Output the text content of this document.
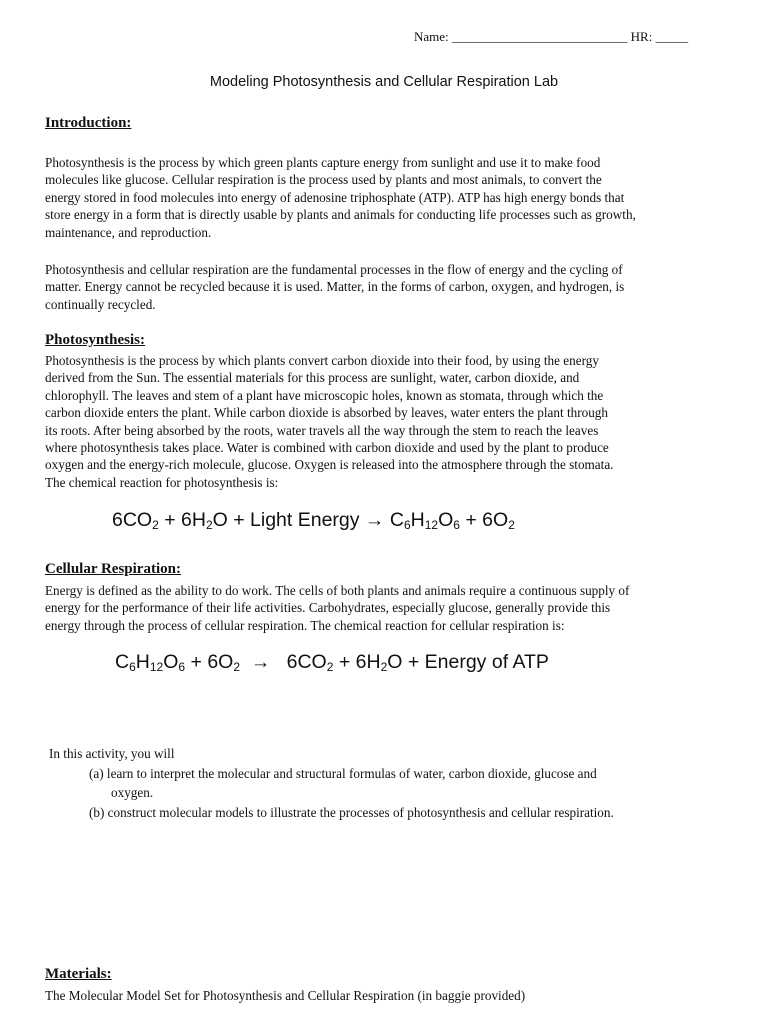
Name: ___________________________ HR: _____
Modeling Photosynthesis and Cellular Respiration Lab
Introduction:
Photosynthesis is the process by which green plants capture energy from sunlight and use it to make food
molecules like glucose. Cellular respiration is the process used by plants and most animals, to convert the
energy stored in food molecules into energy of adenosine triphosphate (ATP). ATP has high energy bonds that
store energy in a form that is directly usable by plants and animals for conducting life processes such as growth,
maintenance, and reproduction.
Photosynthesis and cellular respiration are the fundamental processes in the flow of energy and the cycling of
matter. Energy cannot be recycled because it is used. Matter, in the forms of carbon, oxygen, and hydrogen, is
continually recycled.
Photosynthesis:
Photosynthesis is the process by which plants convert carbon dioxide into their food, by using the energy
derived from the Sun. The essential materials for this process are sunlight, water, carbon dioxide, and
chlorophyll. The leaves and stem of a plant have microscopic holes, known as stomata, through which the
carbon dioxide enters the plant. While carbon dioxide is absorbed by leaves, water enters the plant through
its roots. After being absorbed by the roots, water travels all the way through the stem to reach the leaves
where photosynthesis takes place. Water is combined with carbon dioxide and used by the plant to produce
oxygen and the energy-rich molecule, glucose. Oxygen is released into the atmosphere through the stomata.
The chemical reaction for photosynthesis is:
$6CO_2 + 6H_2O$ + Light Energy → $C_6H_{12}O_6 + 6O_2$
Cellular Respiration:
Energy is defined as the ability to do work. The cells of both plants and animals require a continuous supply of
energy for the performance of their life activities. Carbohydrates, especially glucose, generally provide this
energy through the process of cellular respiration. The chemical reaction for cellular respiration is:
$C_6H_{12}O_6 + 6O_2 \to 6CO_2 + 6H_2O$ + Energy of ATP
In this activity, you will
(a) learn to interpret the molecular and structural formulas of water, carbon dioxide, glucose and
oxygen.
(b) construct molecular models to illustrate the processes of photosynthesis and cellular respiration.
Materials:
The Molecular Model Set for Photosynthesis and Cellular Respiration (in baggie provided)
